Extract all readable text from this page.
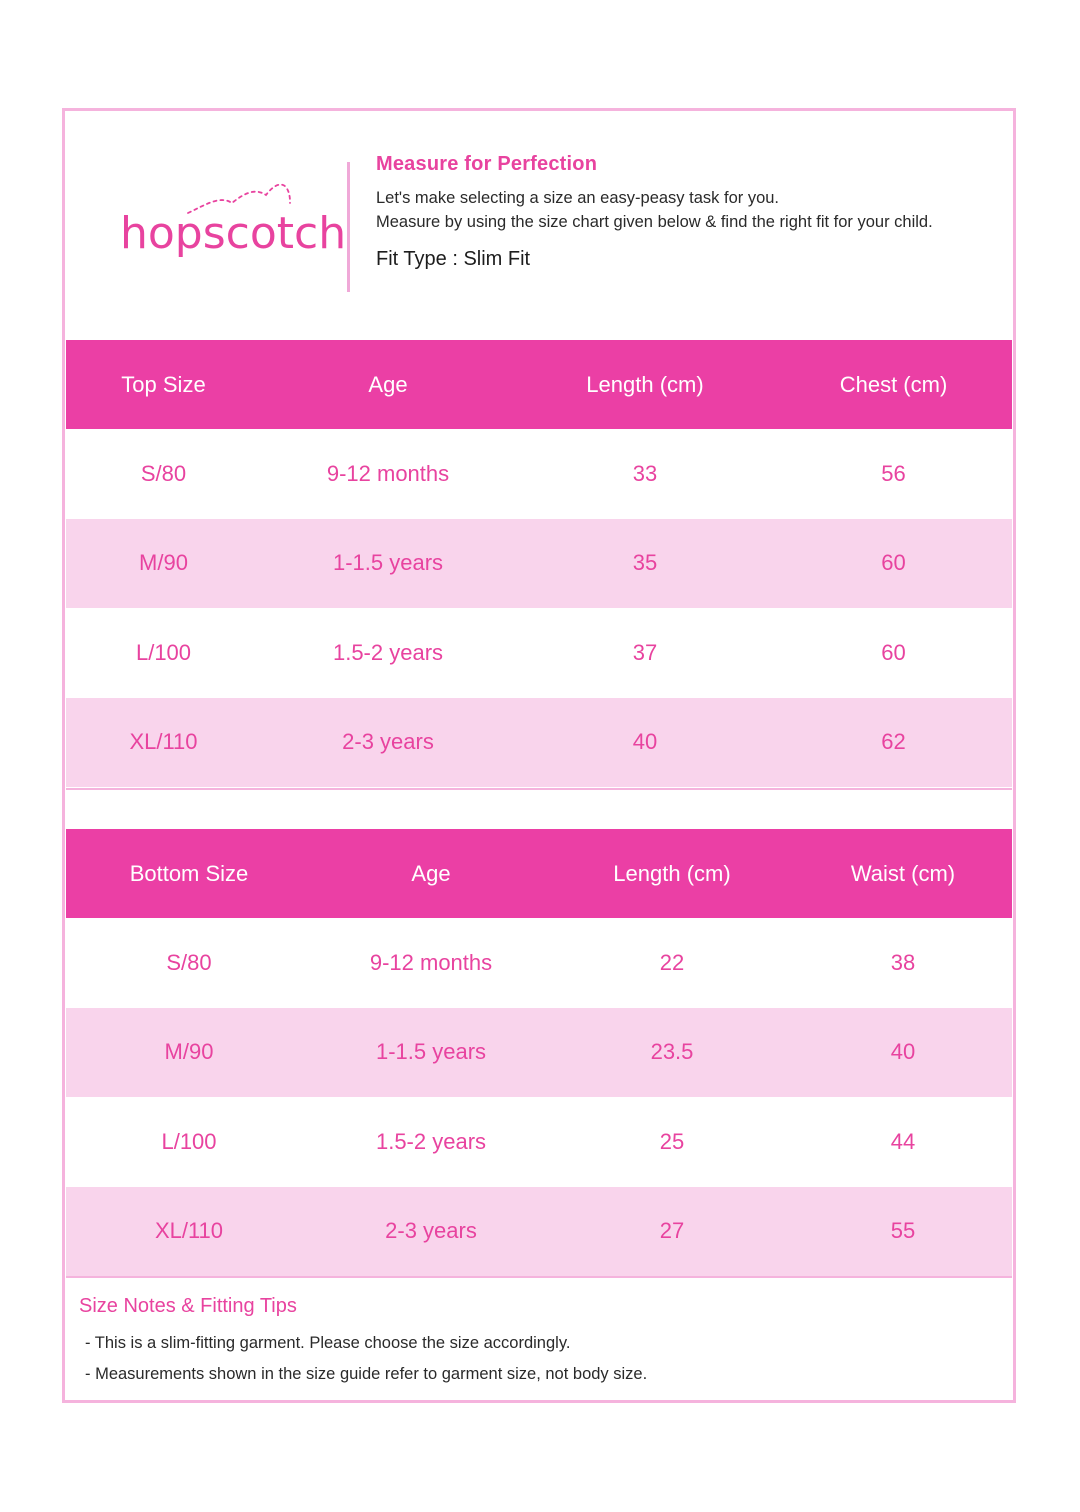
hopscotch
Measure for Perfection

Let's make selecting a size an easy-peasy task for you.

Measure by using the size chart given below & find the right fit for your child.

Fit Type : Slim Fit
Top Size	Age	Length (cm)	Chest (cm)
S/80	9-12 months	33	56
M/90	1-1.5 years	35	60
L/100	1.5-2 years	37	60
XL/110	2-3 years	40	62
Bottom Size	Age	Length (cm)	Waist (cm)
S/80	9-12 months	22	38
M/90	1-1.5 years	23.5	40
L/100	1.5-2 years	25	44
XL/110	2-3 years	27	55
Size Notes & Fitting Tips
- This is a slim-fitting garment. Please choose the size accordingly.
- Measurements shown in the size guide refer to garment size, not body size.
